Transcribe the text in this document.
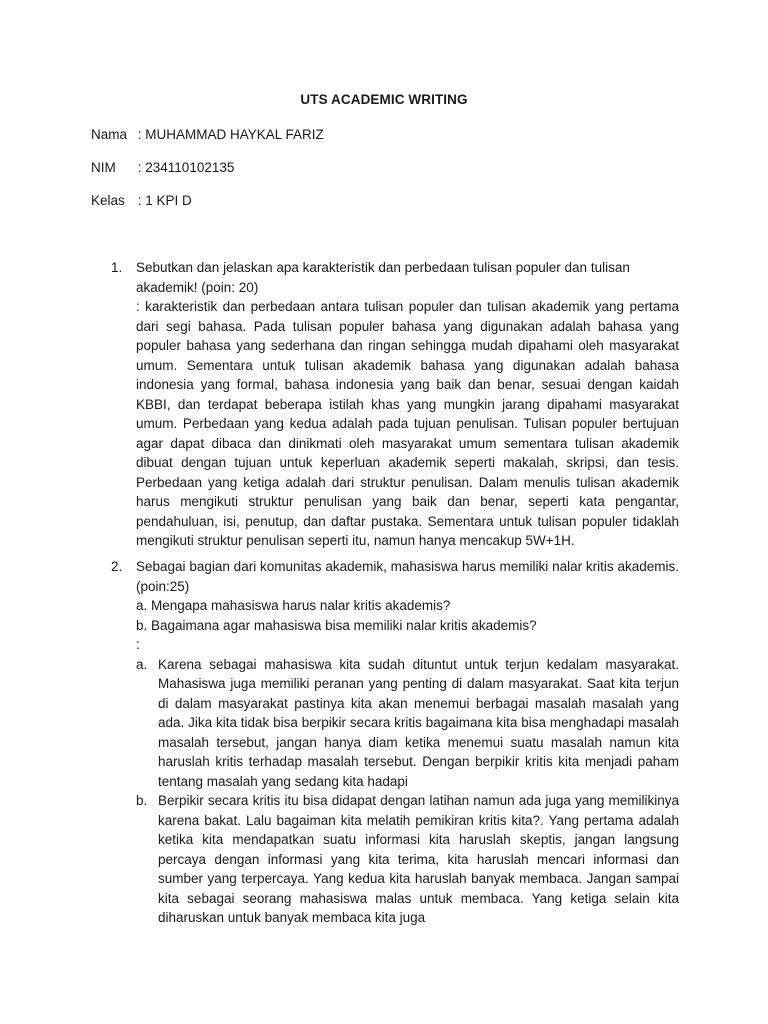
UTS ACADEMIC WRITING
Nama : MUHAMMAD HAYKAL FARIZ
NIM : 234110102135
Kelas : 1 KPI D
1. Sebutkan dan jelaskan apa karakteristik dan perbedaan tulisan populer dan tulisan akademik! (poin: 20)

: karakteristik dan perbedaan antara tulisan populer dan tulisan akademik yang pertama dari segi bahasa. Pada tulisan populer bahasa yang digunakan adalah bahasa yang populer bahasa yang sederhana dan ringan sehingga mudah dipahami oleh masyarakat umum. Sementara untuk tulisan akademik bahasa yang digunakan adalah bahasa indonesia yang formal, bahasa indonesia yang baik dan benar, sesuai dengan kaidah KBBI, dan terdapat beberapa istilah khas yang mungkin jarang dipahami masyarakat umum. Perbedaan yang kedua adalah pada tujuan penulisan. Tulisan populer bertujuan agar dapat dibaca dan dinikmati oleh masyarakat umum sementara tulisan akademik dibuat dengan tujuan untuk keperluan akademik seperti makalah, skripsi, dan tesis. Perbedaan yang ketiga adalah dari struktur penulisan. Dalam menulis tulisan akademik harus mengikuti struktur penulisan yang baik dan benar, seperti kata pengantar, pendahuluan, isi, penutup, dan daftar pustaka. Sementara untuk tulisan populer tidaklah mengikuti struktur penulisan seperti itu, namun hanya mencakup 5W+1H.

2. Sebagai bagian dari komunitas akademik, mahasiswa harus memiliki nalar kritis akademis. (poin:25)

a. Mengapa mahasiswa harus nalar kritis akademis?

b. Bagaimana agar mahasiswa bisa memiliki nalar kritis akademis?

:

a. Karena sebagai mahasiswa kita sudah dituntut untuk terjun kedalam masyarakat. Mahasiswa juga memiliki peranan yang penting di dalam masyarakat. Saat kita terjun di dalam masyarakat pastinya kita akan menemui berbagai masalah masalah yang ada. Jika kita tidak bisa berpikir secara kritis bagaimana kita bisa menghadapi masalah masalah tersebut, jangan hanya diam ketika menemui suatu masalah namun kita haruslah kritis terhadap masalah tersebut. Dengan berpikir kritis kita menjadi paham tentang masalah yang sedang kita hadapi
b. Berpikir secara kritis itu bisa didapat dengan latihan namun ada juga yang memilikinya karena bakat. Lalu bagaiman kita melatih pemikiran kritis kita?. Yang pertama adalah ketika kita mendapatkan suatu informasi kita haruslah skeptis, jangan langsung percaya dengan informasi yang kita terima, kita haruslah mencari informasi dan sumber yang terpercaya. Yang kedua kita haruslah banyak membaca. Jangan sampai kita sebagai seorang mahasiswa malas untuk membaca. Yang ketiga selain kita diharuskan untuk banyak membaca kita juga
